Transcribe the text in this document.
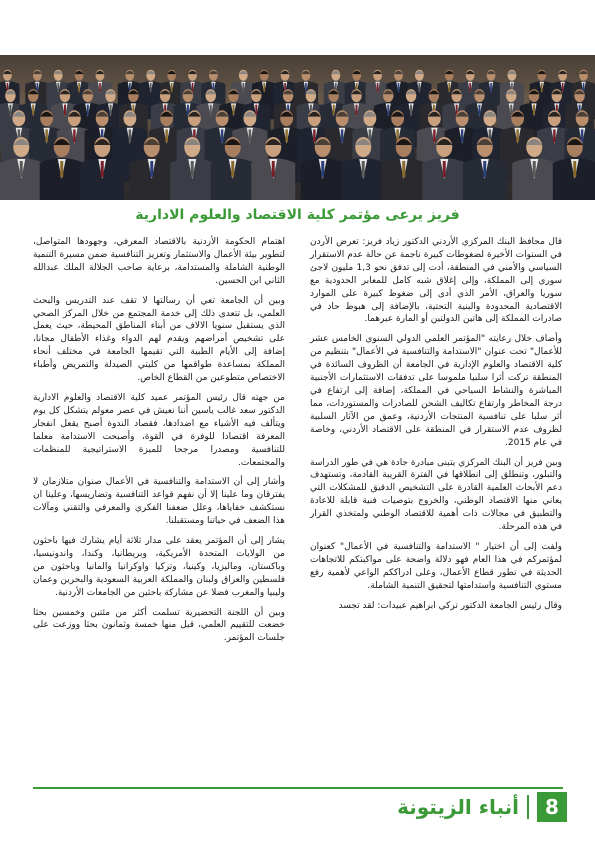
فريز يرعى مؤتمر كلية الاقتصاد والعلوم الادارية

قال محافظ البنك المركزي الأردني الدكتور زياد فريز: تعرض الأردن في السنوات الأخيرة لضغوطات كبيرة ناجمة عن حالة عدم الاستقرار السياسي والأمني في المنطقة، أدت إلى تدفق نحو 1,3 مليون لاجئ سوري إلى المملكة، وإلى إغلاق شبه كامل للمعابر الحدودية مع سوريا والعراق، الأمر الذي أدى إلى ضغوط كبيرة على الموارد الاقتصادية المحدودة والبنية التحتية، بالإضافة إلى هبوط حاد في صادرات المملكة إلى هاتين الدولتين أو المارة عبرهما.

وأضاف خلال رعايته "المؤتمر العلمي الدولي السنوي الخامس عشر للأعمال" تحت عنوان "الاستدامة والتنافسية في الأعمال" بتنظيم من كلية الاقتصاد والعلوم الإدارية في الجامعة أن الظروف السائدة في المنطقة تركت أثرا سلبيا ملموسا على تدفقات الاستثمارات الأجنبية المباشرة والنشاط السياحي في المملكة، إضافة إلى ارتفاع في درجة المخاطر وارتفاع تكاليف الشحن للصادرات والمستوردات، مما أثر سلبا على تنافسية المنتجات الأردنية، وعمق من الآثار السلبية لظروف عدم الاستقرار في المنطقة على الاقتصاد الأردني، وخاصة في عام 2015.

وبين فريز أن البنك المركزي يتبنى مبادرة جادة هي في طور الدراسة والتبلور، وتنطلق إلى انطلاقها في الفترة القريبة القادمة، وتستهدف دعم الأبحاث العلمية القادرة على التشخيص الدقيق للمشكلات التي يعاني منها الاقتصاد الوطني، والخروج بتوصيات فنية قابلة للاعادة والتطبيق في مجالات ذات أهمية للاقتصاد الوطني ولمتخذي القرار في هذه المرحلة.

ولفت إلى أن اختيار " الاستدامة والتنافسية في الأعمال" كعنوان لمؤتمركم في هذا العام فهو دلالة واضحة على مواكبتكم للاتجاهات الحديثة في تطور قطاع الأعمال، وعلى ادراككم الواعي لأهمية رفع مستوى التنافسية واستدامتها لتحقيق التنمية الشاملة.

وقال رئيس الجامعة الدكتور تركي ابراهيم عبيدات: لقد تجسد

اهتمام الحكومة الأردنية بالاقتصاد المعرفي، وجهودها المتواصل، لتطوير بيئة الأعمال والاستثمار وتعزيز التنافسية ضمن مسيرة التنمية الوطنية الشاملة والمستدامة، برعاية صاحب الجلالة الملك عبدالله الثاني ابن الحسين.

وبين أن الجامعة تعي أن رسالتها لا تقف عند التدريس والبحث العلمي، بل تتعدى ذلك إلى خدمة المجتمع من خلال المركز الصحي الذي يستقبل سنويا الالاف من أبناء المناطق المحيطة، حيث يعمل على تشخيص أمراضهم ويقدم لهم الدواء وغذاء الأطفال مجانا، إضافة إلى الأيام الطبية التي تقيمها الجامعة في مختلف أنحاء المملكة بمساعدة طواقمها من كليتي الصيدلة والتمريض وأطباء الاختصاص متطوعين من القطاع الخاص.

من جهته قال رئيس المؤتمر عميد كلية الاقتصاد والعلوم الادارية الدكتور سعد غالب ياسين أننا نعيش في عصر معولم يتشكل كل يوم ويتألف فيه الأشياء مع اضدادها، فقصاد الندوة أصبح يقعل انفجار المعرفة اقتصادا للوفرة في القوة، وأصبحت الاستدامة معلما للتنافسية ومصدرا مرجحا للميزة الاستراتيجية للمنظمات والمجتمعات.

وأشار إلى أن الاستدامة والتنافسية في الأعمال صنوان متلازمان لا يفترقان وما علينا إلا أن نفهم قواعد التنافسية وتضاريسها، وعلينا ان نستكشف خفاياها، وعلل ضعفنا الفكري والمعرفي والتقني ومآلات هذا الضعف في حياتنا ومستقبلنا.

يشار إلى أن المؤتمر يعقد على مدار ثلاثة أيام يشارك فيها باحثون من الولايات المتحدة الأمريكية، وبريطانيا، وكندا، واندونيسيا، وباكستان، وماليزيا، وكينيا، وتركيا واوكرانيا والمانيا وباحثون من فلسطين والعراق ولبنان والمملكة العربية السعودية والبحرين وعمان وليبيا والمغرب فضلا عن مشاركة باحثين من الجامعات الأردنية.

وبين أن اللجنة التحضيرية تسلمت أكثر من مئتين وخمسين بحثا خضعت للتقييم العلمي، قبل منها خمسة وثمانون بحثا ووزعت على جلسات المؤتمر.

8
أنباء الزيتونة
